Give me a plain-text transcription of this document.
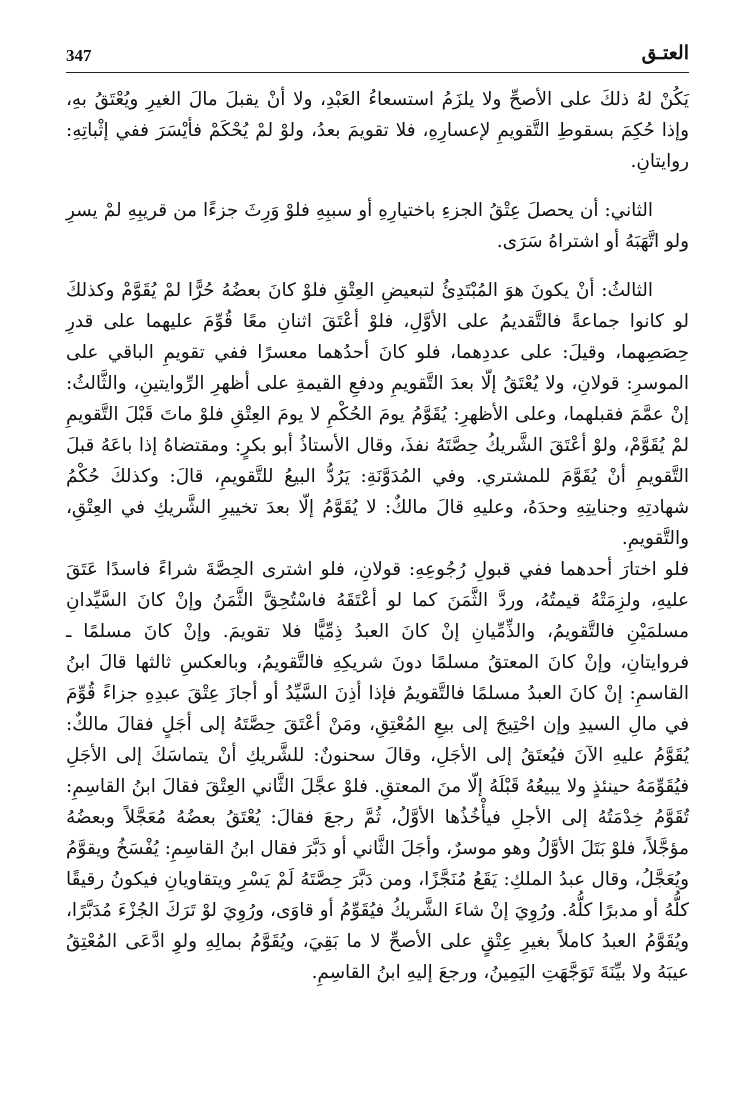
347	العتـق

يَكُنْ لهُ ذلكَ على الأصحِّ ولا يلزَمُ استسعاءُ العَبْدِ، ولا أنْ يقبلَ مالَ الغيرِ ويُعْتَقُ بهِ، وإذا حُكِمَ بسقوطِ التَّقويمِ لإعسارِهِ، فلا تقويمَ بعدُ، ولوْ لمْ يُحْكَمْ فأيْسَرَ ففي إثْباتِهِ: روايتانِ.

الثاني: أن يحصلَ عِتْقُ الجزءِ باختيارِهِ أو سببِهِ فلوْ وَرِثَ جزءًا من قريبِهِ لمْ يسرِ ولو اتَّهَبَهُ أو اشتراهُ سَرَى.

الثالثُ: أنْ يكونَ هوَ المُبْتَدِئُ لتبعيضِ العِتْقِ فلوْ كانَ بعضُهُ حُرًّا لمْ يُقَوَّمْ وكذلكَ لو كانوا جماعةً فالتَّقديمُ على الأوَّلِ، فلوْ أعْتَقَ اثنانِ معًا قُوِّمَ عليهما على قدرِ حِصَصِهما، وقيلَ: على عددِهما، فلو كانَ أحدُهما معسرًا ففي تقويمِ الباقي على الموسرِ: قولانِ، ولا يُعْتَقُ إلّا بعدَ التَّقويمِ ودفعِ القيمةِ على أظهرِ الرِّوايتينِ، والثَّالثُ: إنْ عمَّمَ فقبلهما، وعلى الأظهرِ: يُقَوَّمُ يومَ الحُكْمِ لا يومَ العِتْقِ فلوْ ماتَ قَبْلَ التَّقويمِ لمْ يُقَوَّمْ، ولوْ أعْتَقَ الشَّريكُ حِصَّتَهُ نفذَ، وقال الأستاذُ أبو بكرٍ: ومقتضاهُ إذا باعَهُ قبلَ التَّقويمِ أنْ يُقَوَّمَ للمشتري. وفي المُدَوَّنَةِ: يَرُدُّ البيعُ للتَّقويمِ، قالَ: وكذلكَ حُكْمُ شهادتِهِ وجنايتِهِ وحدَهُ، وعليهِ قالَ مالكٌ: لا يُقَوَّمُ إلّا بعدَ تخييرِ الشَّريكِ في العِتْقِ، والتَّقويمِ.

فلو اختارَ أحدهما ففي قبولِ رُجُوعِهِ: قولانِ، فلو اشترى الحِصَّةَ شراءً فاسدًا عَتَقَ عليهِ، ولزِمَتْهُ قيمتُهُ، وردَّ الثَّمَنَ كما لو أعْتَقَهُ فاسْتُحِقَّ الثَّمَنُ وإنْ كانَ السَّيِّدانِ مسلمَيْنِ فالتَّقويمُ، والذِّمِّيانِ إنْ كانَ العبدُ ذِمِّيًّا فلا تقويمَ. وإنْ كانَ مسلمًا ـ فروايتانِ، وإنْ كانَ المعتقُ مسلمًا دونَ شريكِهِ فالتَّقويمُ، وبالعكسِ ثالثها قالَ ابنُ القاسمِ: إنْ كانَ العبدُ مسلمًا فالتَّقويمُ فإذا أذِنَ السَّيِّدُ أو أجازَ عِتْقَ عبدِهِ جزاءً قُوِّمَ في مالِ السيدِ وإن احْتِيجَ إلى بيعِ المُعْتِقِ، ومَنْ أعْتَقَ حِصَّتَهُ إلى أجَلٍ فقالَ مالكٌ: يُقَوَّمُ عليهِ الآنَ فيُعتَقُ إلى الأجَلِ، وقالَ سحنونٌ: للشَّريكِ أنْ يتماسَكَ إلى الأجَلِ فيُقَوِّمَهُ حينئذٍ ولا يبيعُهُ قَبْلَهُ إلّا منَ المعتقِ. فلوْ عجَّلَ الثَّاني العِتْقَ فقالَ ابنُ القاسِمِ: تُقَوَّمُ خِدْمَتُهُ إلى الأجلِ فيأْخُذُها الأوَّلُ، ثُمَّ رجعَ فقالَ: يُعْتَقُ بعضُهُ مُعَجَّلاً وبعضُهُ مؤجَّلاً، فلوْ بَتَلَ الأوَّلُ وهو موسرٌ، وأجَلَ الثَّاني أو دَبَّرَ فقال ابنُ القاسِمِ: يُفْسَخُ ويقوَّمُ ويُعَجَّلُ، وقال عبدُ الملكِ: يَقَعُ مُنَجَّزًا، ومن دَبَّرَ حِصَّتَهُ لَمْ يَسْرِ ويتقاويانِ فيكونُ رقيقًا كلُّهُ أو مدبرًا كلُّهُ. ورُوِيَ إنْ شاءَ الشَّريكُ فيُقَوِّمُ أو قاوَى، ورُوِيَ لوْ تَرَكَ الجُزْءَ مُدَبَّرًا، ويُقَوَّمُ العبدُ كاملاً بغيرِ عِتْقٍ على الأصحِّ لا ما بَقِيَ، ويُقَوَّمُ بمالِهِ ولوِ ادَّعَى المُعْتِقُ عيبَهُ ولا بيِّنَةَ تَوَجَّهَتِ اليَمِينُ، ورجعَ إليهِ ابنُ القاسِمِ.
